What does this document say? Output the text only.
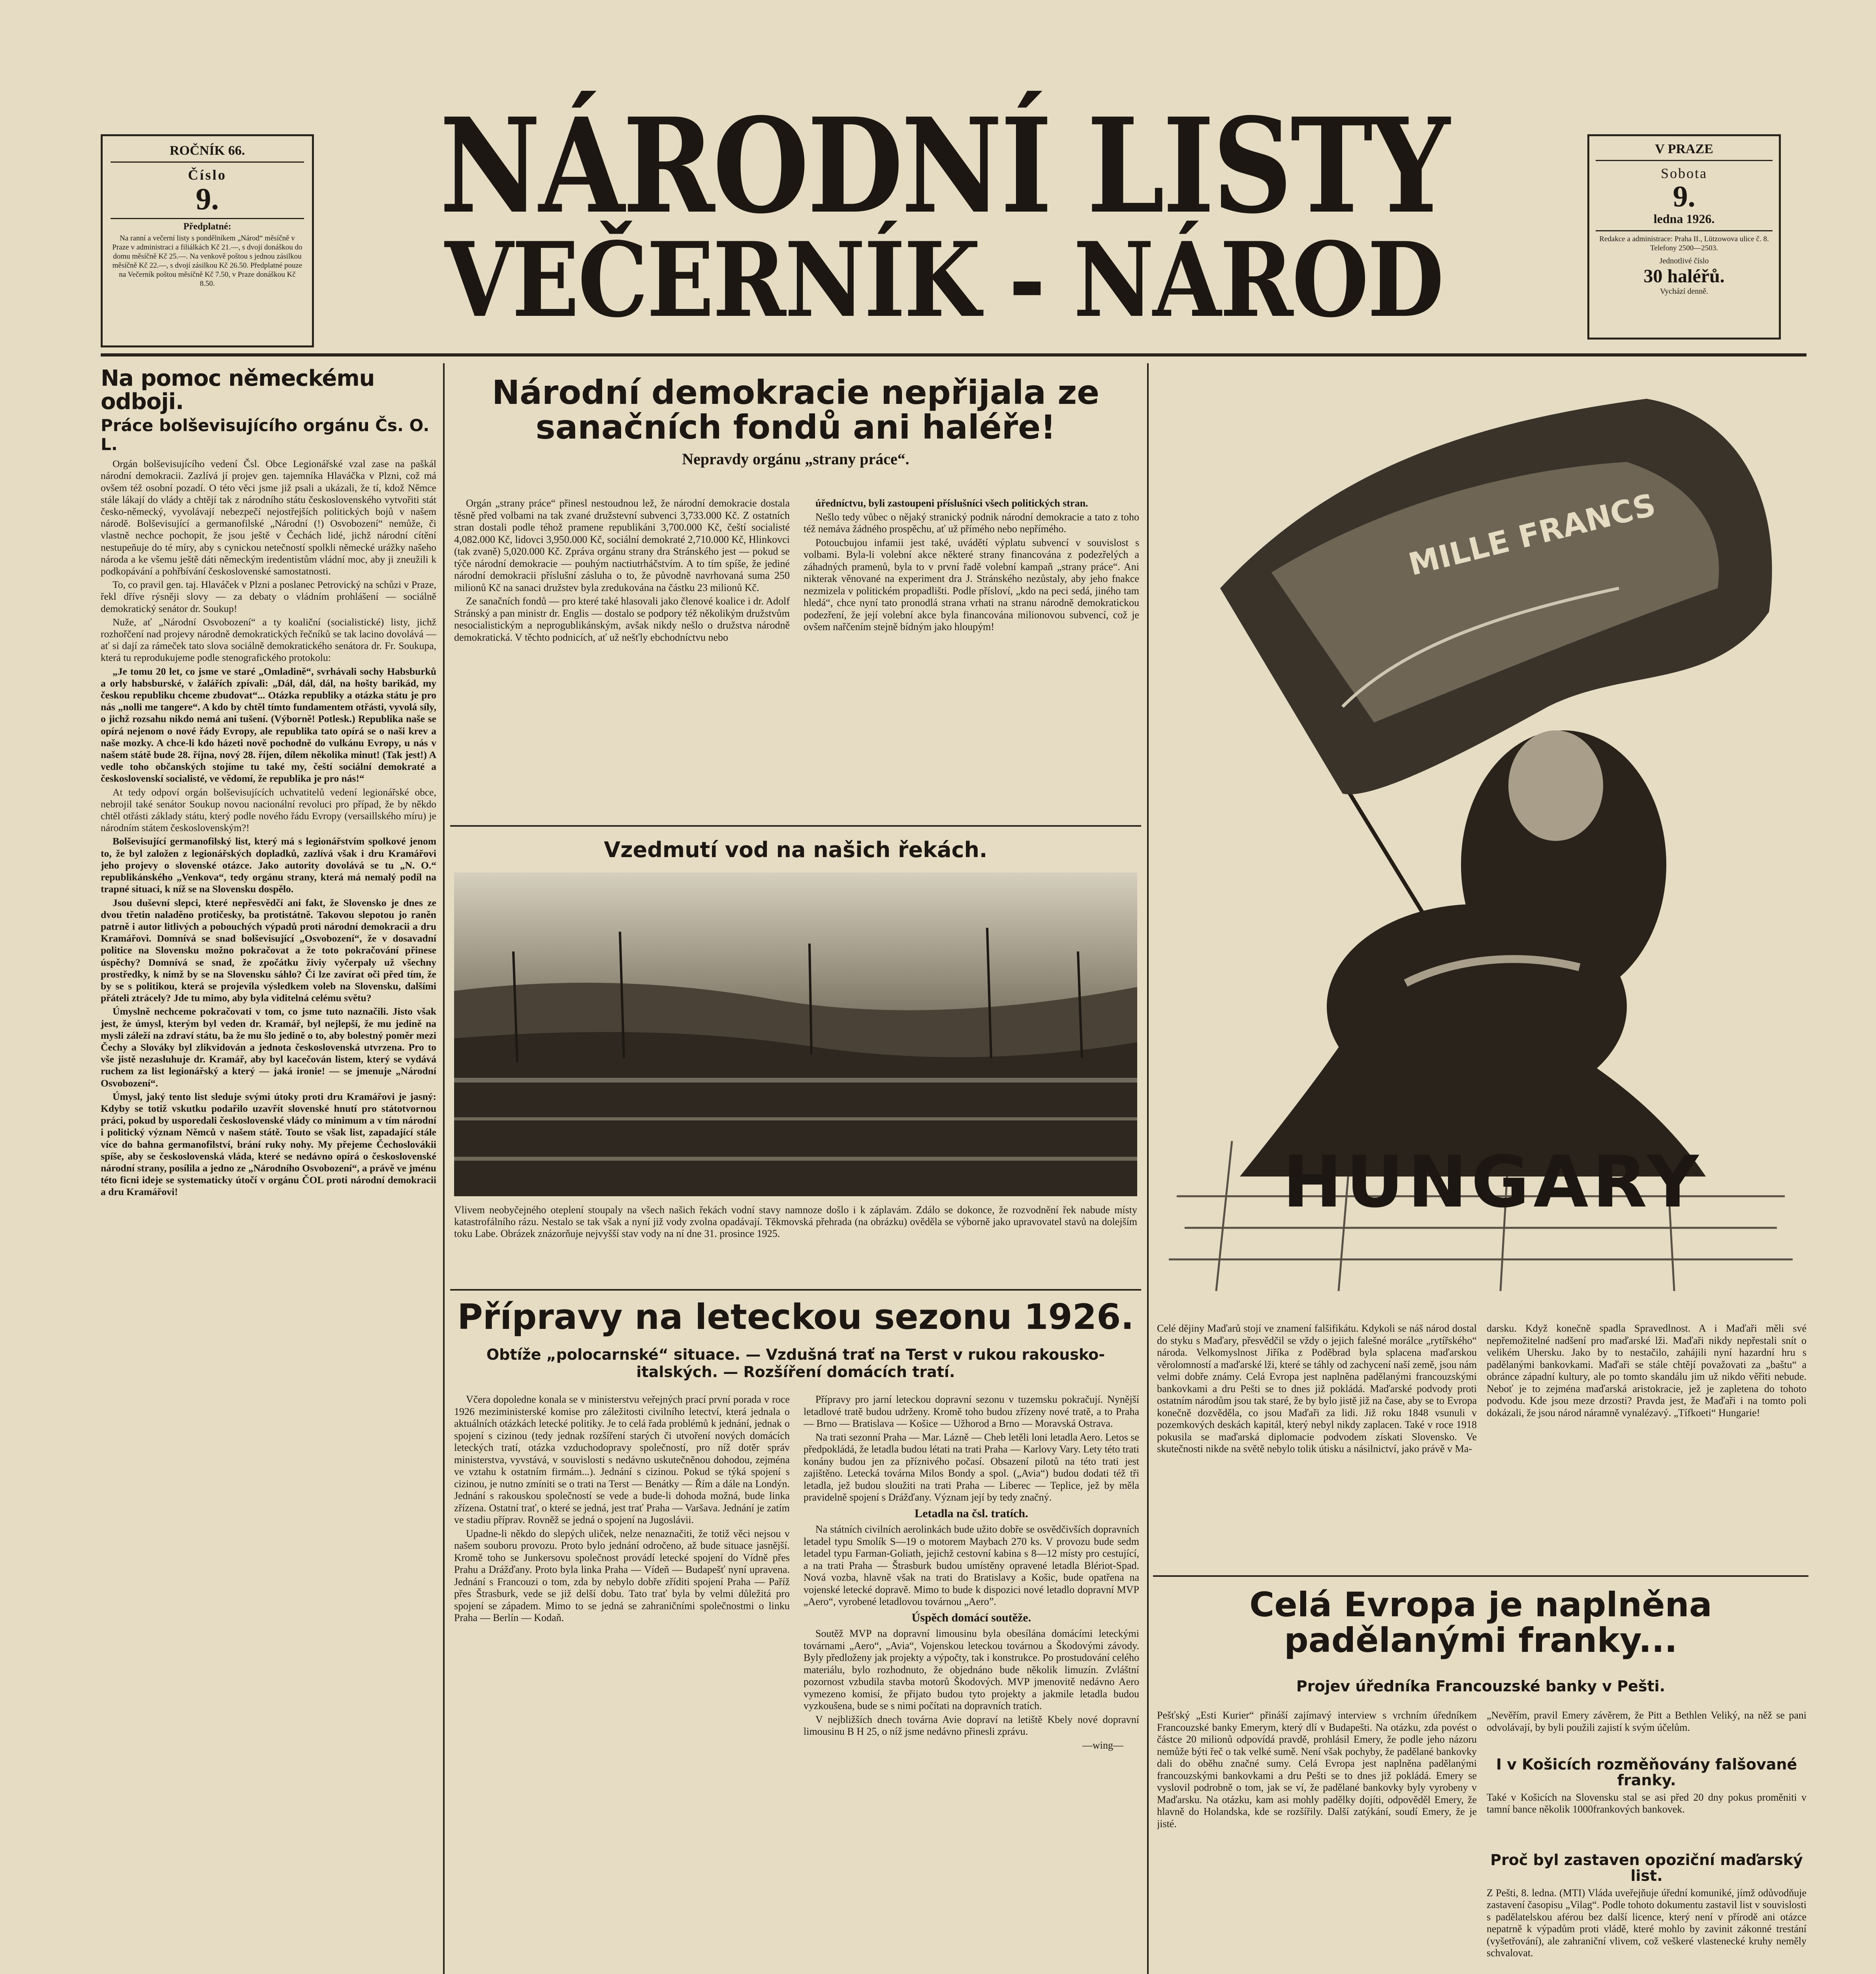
ROČNÍK 66.
Číslo
9.
Předplatné:
Na ranní a večerní listy s pondělníkem „Národ“ měsíčně v Praze v administraci a filiálkách Kč 21.—, s dvojí donáškou do domu měsíčně Kč 25.—. Na venkově poštou s jednou zásilkou měsíčně Kč 22.—, s dvojí zásilkou Kč 26.50. Předplatné pouze na Večerník poštou měsíčně Kč 7.50, v Praze donáškou Kč 8.50.
NÁRODNÍ LISTY
VEČERNÍK - NÁROD
V PRAZE
Sobota
9.
ledna 1926.
Redakce a administrace: Praha II., Lützowova ulice č. 8. Telefony 2500—2503.
Jednotlivé číslo
30 haléřů.
Vychází denně.
Na pomoc německému odboji.
Práce bolševisujícího orgánu Čs. O. L.

Orgán bolševisujícího vedení Čsl. Obce Legionářské vzal zase na paškál národní demokracii. Zazlívá jí projev gen. tajemníka Hlaváčka v Plzni, což má ovšem též osobní pozadí. O této věci jsme již psali a ukázali, že tí, kdož Němce stále lákají do vlády a chtějí tak z národního státu československého vytvořiti stát česko-německý, vyvolávají nebezpečí nejostřejších politických bojů v našem národě. Bolševisující a germanofilské „Národní (!) Osvobození“ nemůže, či vlastně nechce pochopit, že jsou ještě v Čechách lidé, jichž národní cítění nestupeňuje do té míry, aby s cynickou netečností spolkli německé urážky našeho národa a ke všemu ještě dáti německým iredentistům vládní moc, aby ji zneužili k podkopávání a pohřbívání československé samostatnosti.

To, co pravil gen. taj. Hlaváček v Plzni a poslanec Petrovický na schůzi v Praze, řekl dříve rýsněji slovy — za debaty o vládním prohlášení — sociálně demokratický senátor dr. Soukup!

Nuže, ať „Národní Osvobození“ a ty koaliční (socialistické) listy, jichž rozhořčení nad projevy národně demokratických řečníků se tak lacino dovolává — ať si dají za rámeček tato slova sociálně demokratického senátora dr. Fr. Soukupa, která tu reprodukujeme podle stenografického protokolu:

„Je tomu 20 let, co jsme ve staré „Omladině“, svrhávali sochy Habsburků a orly habsburské, v žalářích zpívali: „Dál, dál, dál, na hošty barikád, my českou republiku chceme zbudovat“... Otázka republiky a otázka státu je pro nás „nolli me tangere“. A kdo by chtěl tímto fundamentem otřásti, vyvolá síly, o jichž rozsahu nikdo nemá ani tušení. (Výborně! Potlesk.) Republika naše se opírá nejenom o nové řády Evropy, ale republika tato opírá se o naši krev a naše mozky. A chce-li kdo házeti nově pochodně do vulkánu Evropy, u nás v našem státě bude 28. října, nový 28. říjen, dílem několika minut! (Tak jest!) A vedle toho občanských stojíme tu také my, čeští sociální demokraté a československí socialisté, ve vědomí, že republika je pro nás!“

At tedy odpoví orgán bolševisujících uchvatitelů vedení legionářské obce, nebrojil také senátor Soukup novou nacionální revoluci pro případ, že by někdo chtěl otřásti základy státu, který podle nového řádu Evropy (versaillského míru) je národním státem československým?!

Bolševisující germanofilský list, který má s legionářstvím spolkové jenom to, že byl založen z legionářských dopladků, zazlívá však i dru Kramářovi jeho projevy o slovenské otázce. Jako autority dovolává se tu „N. O.“ republikánského „Venkova“, tedy orgánu strany, která má nemalý podíl na trapné situaci, k níž se na Slovensku dospělo.

Jsou duševní slepci, které nepřesvědčí ani fakt, že Slovensko je dnes ze dvou třetin naladěno protičesky, ba protistátně. Takovou slepotou jo raněn patrně i autor litlivých a pobouchých výpadů proti národní demokracii a dru Kramářovi. Domnívá se snad bolševisující „Osvobození“, že v dosavadní politice na Slovensku možno pokračovat a že toto pokračování přinese úspěchy? Domnívá se snad, že zpočátku živiy vyčerpaly už všechny prostředky, k nimž by se na Slovensku sáhlo? Či lze zavírat oči před tím, že by se s politikou, která se projevila výsledkem voleb na Slovensku, dalšími přáteli ztrácely? Jde tu mimo, aby byla viditelná celému světu?

Úmyslně nechceme pokračovati v tom, co jsme tuto naznačili. Jisto však jest, že úmysl, kterým byl veden dr. Kramář, byl nejlepší, že mu jedině na mysli záleží na zdraví státu, ba že mu šlo jedině o to, aby bolestný poměr mezi Čechy a Slováky byl zlikvidován a jednota československá utvrzena. Pro to vše jistě nezasluhuje dr. Kramář, aby byl kacečován listem, který se vydává ruchem za list legionářský a který — jaká ironie! — se jmenuje „Národní Osvobození“.

Úmysl, jaký tento list sleduje svými útoky proti dru Kramářovi je jasný: Kdyby se totiž vskutku podařilo uzavřít slovenské hnutí pro státotvornou práci, pokud by usporedali československé vlády co minimum a v tím národní i politický význam Němců v našem státě. Touto se však list, zapadající stále více do bahna germanofilství, brání ruky nohy. My přejeme Čechoslovákii spíše, aby se československá vláda, které se nedávno opírá o československé národní strany, posílila a jedno ze „Národního Osvobození“, a právě ve jménu této ficni ideje se systematicky útočí v orgánu ČOL proti národní demokracii a dru Kramářovi!

Národní demokracie nepřijala ze sanačních fondů ani haléře!
Nepravdy orgánu „strany práce“.

Orgán „strany práce“ přinesl nestoudnou lež, že národní demokracie dostala těsně před volbami na tak zvané družstevní subvenci 3,733.000 Kč. Z ostatních stran dostali podle téhož pramene republikáni 3,700.000 Kč, čeští socialisté 4,082.000 Kč, lidovci 3,950.000 Kč, sociální demokraté 2,710.000 Kč, Hlinkovci (tak zvaně) 5,020.000 Kč. Zpráva orgánu strany dra Stránského jest — pokud se týče národní demokracie — pouhým nactiutrháčstvím. A to tím spíše, že jediné národní demokracii příslušní zásluha o to, že původně navrhovaná suma 250 milionů Kč na sanaci družstev byla zredukována na částku 23 milionů Kč.

Ze sanačních fondů — pro které také hlasovali jako členové koalice i dr. Adolf Stránský a pan ministr dr. Englis — dostalo se podpory též několikým družstvům nesocialistickým a neprogublikánským, avšak nikdy nešlo o družstva národně demokratická. V těchto podnicích, ať už nešťly ebchodníctvu nebo

úředníctvu, byli zastoupeni příslušníci všech politických stran.

Nešlo tedy vůbec o nějaký stranický podnik národní demokracie a tato z toho též nemáva žádného prospěchu, ať už přímého nebo nepřímého.

Potoucbujou infamii jest také, uvádětí výplatu subvencí v souvislost s volbami. Byla-li volební akce některé strany financována z podezřelých a záhadných pramenů, byla to v první řadě volební kampaň „strany práce“. Ani nikterak věnované na experiment dra J. Stránského nezůstaly, aby jeho fnakce nezmizela v politickém propadlišti. Podle přísloví, „kdo na peci sedá, jiného tam hledá“, chce nyní tato pronodlá strana vrhati na stranu národně demokratickou podezření, že její volební akce byla financována milionovou subvencí, což je ovšem nařčením stejně bídným jako hloupým!

Vzedmutí vod na našich řekách.
Vlivem neobyčejného oteplení stoupaly na všech našich řekách vodní stavy namnoze došlo i k záplavám. Zdálo se dokonce, že rozvodnění řek nabude místy katastrofálního rázu. Nestalo se tak však a nyní již vody zvolna opadávají. Těkmovská přehrada (na obrázku) ověděla se výborně jako upravovatel stavů na dolejším toku Labe. Obrázek znázorňuje nejvyšší stav vody na ní dne 31. prosince 1925.
Přípravy na leteckou sezonu 1926.
Obtíže „polocarnské“ situace. — Vzdušná trať na Terst v rukou rakousko-italských. — Rozšíření domácích tratí.

Včera dopoledne konala se v ministerstvu veřejných prací první porada v roce 1926 meziministerské komise pro záležitosti civilního letectví, která jednala o aktuálních otázkách letecké politiky. Je to celá řada problémů k jednání, jednak o spojení s cizinou (tedy jednak rozšíření starých či utvoření nových domácích leteckých tratí, otázka vzduchodopravy společností, pro níž dotěr správ ministerstva, vyvstává, v souvislosti s nedávno uskutečněnou dohodou, zejména ve vztahu k ostatním firmám...). Jednání s cizinou. Pokud se týká spojení s cizinou, je nutno zmíniti se o trati na Terst — Benátky — Řím a dále na Londýn. Jednání s rakouskou společností se vede a bude-li dohoda možná, bude linka zřízena. Ostatní trať, o které se jedná, jest trať Praha — Varšava. Jednání je zatím ve stadiu příprav. Rovněž se jedná o spojení na Jugoslávii.

Upadne-li někdo do slepých uliček, nelze nenaznačiti, že totiž věci nejsou v našem souboru provozu. Proto bylo jednání odročeno, až bude situace jasnější. Kromě toho se Junkersovu společnost provádí letecké spojení do Vídně přes Prahu a Drážďany. Proto byla linka Praha — Vídeň — Budapešť nyní upravena. Jednání s Francouzi o tom, zda by nebylo dobře zříditi spojení Praha — Paříž přes Štrasburk, vede se již delší dobu. Tato trať byla by velmi důležitá pro spojení se západem. Mimo to se jedná se zahraničními společnostmi o linku Praha — Berlín — Kodaň.

Přípravy pro jarní leteckou dopravní sezonu v tuzemsku pokračují. Nynější letadlové tratě budou udrženy. Kromě toho budou zřízeny nové tratě, a to Praha — Brno — Bratislava — Košice — Užhorod a Brno — Moravská Ostrava.

Na trati sezonní Praha — Mar. Lázně — Cheb letěli loni letadla Aero. Letos se předpokládá, že letadla budou létati na trati Praha — Karlovy Vary. Lety této trati konány budou jen za příznivého počasí. Obsazení pilotů na této trati jest zajištěno. Letecká továrna Milos Bondy a spol. („Avia“) budou dodati též tři letadla, jež budou sloužiti na trati Praha — Liberec — Teplice, jež by měla pravidelně spojení s Drážďany. Význam její by tedy značný.

Letadla na čsl. tratích.

Na státních civilních aerolinkách bude užito dobře se osvědčivších dopravních letadel typu Smolík S—19 o motorem Maybach 270 ks. V provozu bude sedm letadel typu Farman-Goliath, jejichž cestovní kabina s 8—12 místy pro cestující, a na trati Praha — Štrasburk budou umístěny opravené letadla Blériot-Spad. Nová vozba, hlavně však na trati do Bratislavy a Košic, bude opatřena na vojenské letecké dopravě. Mimo to bude k dispozici nové letadlo dopravní MVP „Aero“, vyrobené letadlovou továrnou „Aero”.

Úspěch domácí soutěže.

Soutěž MVP na dopravní limousinu byla obesílána domácími leteckými továrnami „Aero“, „Avia“, Vojenskou leteckou továrnou a Škodovými závody. Byly předloženy jak projekty a výpočty, tak i konstrukce. Po prostudování celého materiálu, bylo rozhodnuto, že objednáno bude několik limuzín. Zvláštní pozornost vzbudila stavba motorů Škodových. MVP jmenovitě nedávno Aero vymezeno komisí, že přijato budou tyto projekty a jakmile letadla budou vyzkoušena, bude se s nimi počítati na dopravních tratích.

V nejbližších dnech továrna Avie dopraví na letiště Kbely nové dopravní limousinu B H 25, o níž jsme nedávno přinesli zprávu.

—wing—
MILLE FRANCS
HUNGARY
Celé dějiny Maďarů stojí ve znamení falšifikátu. Kdykoli se náš národ dostal do styku s Maďary, přesvědčil se vždy o jejich falešné morálce „rytířského“ národa. Velkomyslnost Jiříka z Poděbrad byla splacena maďarskou věrolomností a maďarské lži, které se táhly od zachycení naší země, jsou nám velmi dobře známy. Celá Evropa jest naplněna padělanými francouzskými bankovkami a dru Pešti se to dnes již pokládá. Maďarské podvody proti ostatním národům jsou tak staré, že by bylo jistě již na čase, aby se to Evropa konečně dozvěděla, co jsou Maďaři za lidi. Již roku 1848 vsunuli v pozemkových deskách kapitál, který nebyl nikdy zaplacen. Také v roce 1918 pokusila se maďarská diplomacie podvodem získati Slovensko. Ve skutečnosti nikde na světě nebylo tolik útisku a násilnictví, jako právě v Ma-
darsku. Když konečně spadla Spravedlnost. A i Maďaři měli své nepřemožitelné nadšení pro maďarské lži. Maďaři nikdy nepřestali snít o velikém Uhersku. Jako by to nestačilo, zahájili nyní hazardní hru s padělanými bankovkami. Maďaři se stále chtějí považovati za „baštu“ a obránce západní kultury, ale po tomto skandálu jim už nikdo věřiti nebude. Neboť je to zejména maďarská aristokracie, jež je zapletena do tohoto podvodu. Kde jsou meze drzosti? Pravda jest, že Maďaři i na tomto poli dokázali, že jsou národ náramně vynalézavý. „Tífkoeti“ Hungarie!
Celá Evropa je naplněna padělanými franky...
Projev úředníka Francouzské banky v Pešti.
Pešťský „Esti Kurier“ přináší zajímavý interview s vrchním úředníkem Francouzské banky Emerym, který dlí v Budapešti. Na otázku, zda povést o částce 20 milionů odpovídá pravdě, prohlásil Emery, že podle jeho názoru nemůže býti řeč o tak velké sumě. Není však pochyby, že padělané bankovky dali do oběhu značné sumy. Celá Evropa jest naplněna padělanými francouzskými bankovkami a dru Pešti se to dnes již pokládá. Emery se vyslovil podrobně o tom, jak se ví, že padělané bankovky byly vyrobeny v Maďarsku. Na otázku, kam asi mohly padělky dojíti, odpověděl Emery, že hlavně do Holandska, kde se rozšířily. Další zatýkání, soudí Emery, že je jisté.
„Nevěřím, pravil Emery závěrem, že Pitt a Bethlen Veliký, na něž se pani odvolávají, by byli použili zajistí k svým účelům.
I v Košicích rozměňovány falšované franky.
Také v Košicích na Slovensku stal se asi před 20 dny pokus proměniti v tamní bance několik 1000frankových bankovek.
Proč byl zastaven opoziční maďarský list.
Z Pešti, 8. ledna. (MTI) Vláda uveřejňuje úřední komuniké, jímž odůvodňuje zastavení časopisu „Vilag“. Podle tohoto dokumentu zastavil list v souvislosti s padělatelskou aférou bez další licence, který není v přírodě ani otázce nepatrně k výpadům proti vládě, které mohlo by zavinit zákonné trestání (vyšetřování), ale zahraniční vlivem, což veškeré vlastenecké kruhy neměly schvalovat.
